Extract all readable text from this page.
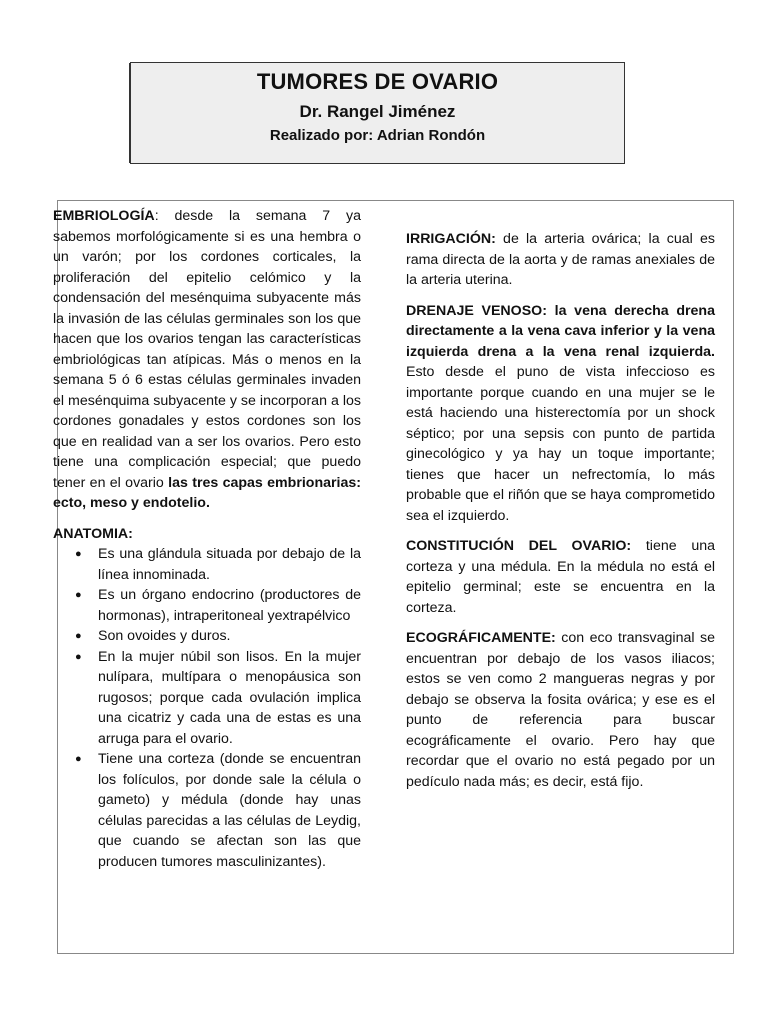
TUMORES DE OVARIO
Dr. Rangel Jiménez
Realizado por: Adrian Rondón

EMBRIOLOGÍA: desde la semana 7 ya sabemos morfológicamente si es una hembra o un varón; por los cordones corticales, la proliferación del epitelio celómico y la condensación del mesénquima subyacente más la invasión de las células germinales son los que hacen que los ovarios tengan las características embriológicas tan atípicas. Más o menos en la semana 5 ó 6 estas células germinales invaden el mesénquima subyacente y se incorporan a los cordones gonadales y estos cordones son los que en realidad van a ser los ovarios. Pero esto tiene una complicación especial; que puedo tener en el ovario las tres capas embrionarias: ecto, meso y endotelio.

ANATOMIA:
● Es una glándula situada por debajo de la línea innominada.
● Es un órgano endocrino (productores de hormonas), intraperitoneal yextrapélvico
● Son ovoides y duros.
● En la mujer núbil son lisos. En la mujer nulípara, multípara o menopáusica son rugosos; porque cada ovulación implica una cicatriz y cada una de estas es una arruga para el ovario.
● Tiene una corteza (donde se encuentran los folículos, por donde sale la célula o gameto) y médula (donde hay unas células parecidas a las células de Leydig, que cuando se afectan son las que producen tumores masculinizantes).

IRRIGACIÓN: de la arteria ovárica; la cual es rama directa de la aorta y de ramas anexiales de la arteria uterina.

DRENAJE VENOSO: la vena derecha drena directamente a la vena cava inferior y la vena izquierda drena a la vena renal izquierda. Esto desde el puno de vista infeccioso es importante porque cuando en una mujer se le está haciendo una histerectomía por un shock séptico; por una sepsis con punto de partida ginecológico y ya hay un toque importante; tienes que hacer un nefrectomía, lo más probable que el riñón que se haya comprometido sea el izquierdo.

CONSTITUCIÓN DEL OVARIO: tiene una corteza y una médula. En la médula no está el epitelio germinal; este se encuentra en la corteza.

ECOGRÁFICAMENTE: con eco transvaginal se encuentran por debajo de los vasos iliacos; estos se ven como 2 mangueras negras y por debajo se observa la fosita ovárica; y ese es el punto de referencia para buscar ecográficamente el ovario. Pero hay que recordar que el ovario no está pegado por un pedículo nada más; es decir, está fijo.
